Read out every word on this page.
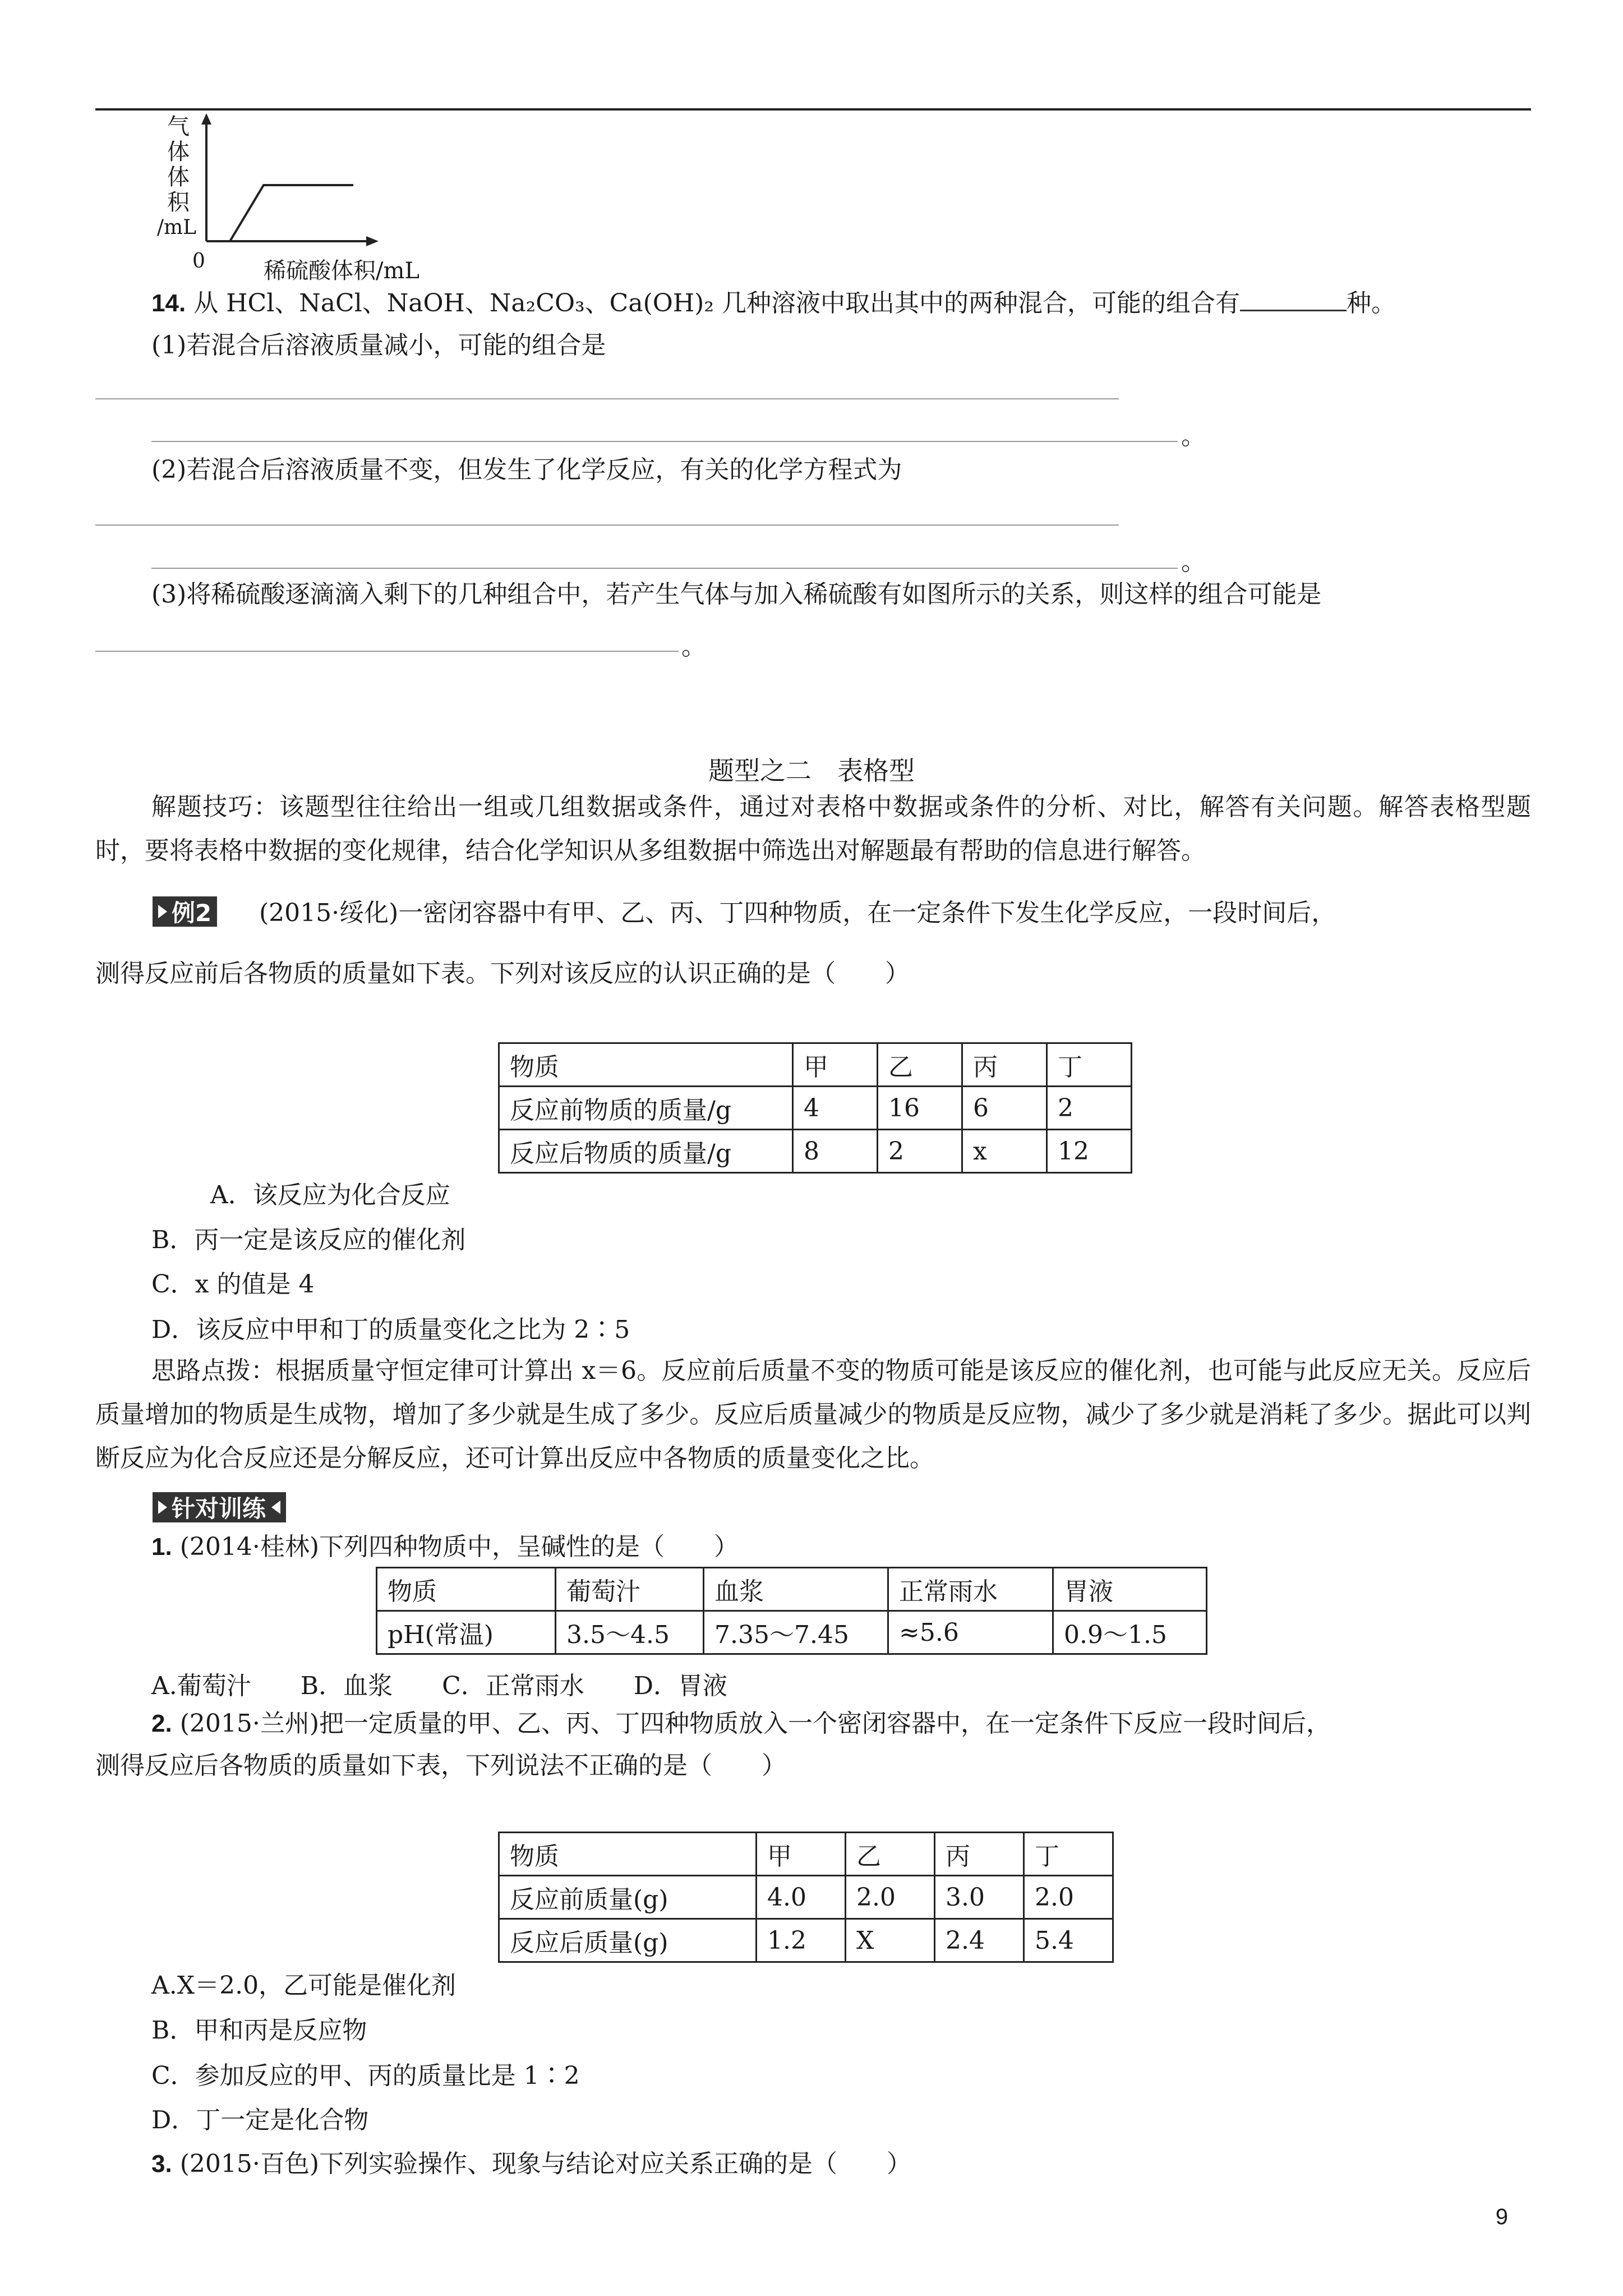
气
体
体
积
/mL
0	稀硫酸体积/mL
14. 从 HCl、NaCl、NaOH、Na₂CO₃、Ca(OH)₂ 几种溶液中取出其中的两种混合，可能的组合有	种。
(1)若混合后溶液质量减小，可能的组合是
。
(2)若混合后溶液质量不变，但发生了化学反应，有关的化学方程式为
。
(3)将稀硫酸逐滴滴入剩下的几种组合中，若产生气体与加入稀硫酸有如图所示的关系，则这样的组合可能是
。
题型之二　表格型
解题技巧：该题型往往给出一组或几组数据或条件，通过对表格中数据或条件的分析、对比，解答有关问题。解答表格型题时，要将表格中数据的变化规律，结合化学知识从多组数据中筛选出对解题最有帮助的信息进行解答。
例2 (2015·绥化)一密闭容器中有甲、乙、丙、丁四种物质，在一定条件下发生化学反应，一段时间后，
测得反应前后各物质的质量如下表。下列对该反应的认识正确的是（　　）
物质	甲	乙	丙	丁
反应前物质的质量/g	4	16	6	2
反应后物质的质量/g	8	2	x	12
A．该反应为化合反应
B．丙一定是该反应的催化剂
C．x 的值是 4
D．该反应中甲和丁的质量变化之比为 2∶5
思路点拨：根据质量守恒定律可计算出 x＝6。反应前后质量不变的物质可能是该反应的催化剂，也可能与此反应无关。反应后质量增加的物质是生成物，增加了多少就是生成了多少。反应后质量减少的物质是反应物，减少了多少就是消耗了多少。据此可以判断反应为化合反应还是分解反应，还可计算出反应中各物质的质量变化之比。
针对训练
1. (2014·桂林)下列四种物质中，呈碱性的是（　　）
物质	葡萄汁	血浆	正常雨水	胃液
pH(常温)	3.5～4.5	7.35～7.45	≈5.6	0.9～1.5
A.葡萄汁　　B．血浆　　C．正常雨水　　D．胃液
2. (2015·兰州)把一定质量的甲、乙、丙、丁四种物质放入一个密闭容器中，在一定条件下反应一段时间后，
测得反应后各物质的质量如下表，下列说法不正确的是（　　）
物质	甲	乙	丙	丁
反应前质量(g)	4.0	2.0	3.0	2.0
反应后质量(g)	1.2	X	2.4	5.4
A.X＝2.0，乙可能是催化剂
B．甲和丙是反应物
C．参加反应的甲、丙的质量比是 1∶2
D．丁一定是化合物
3. (2015·百色)下列实验操作、现象与结论对应关系正确的是（　　）
9
